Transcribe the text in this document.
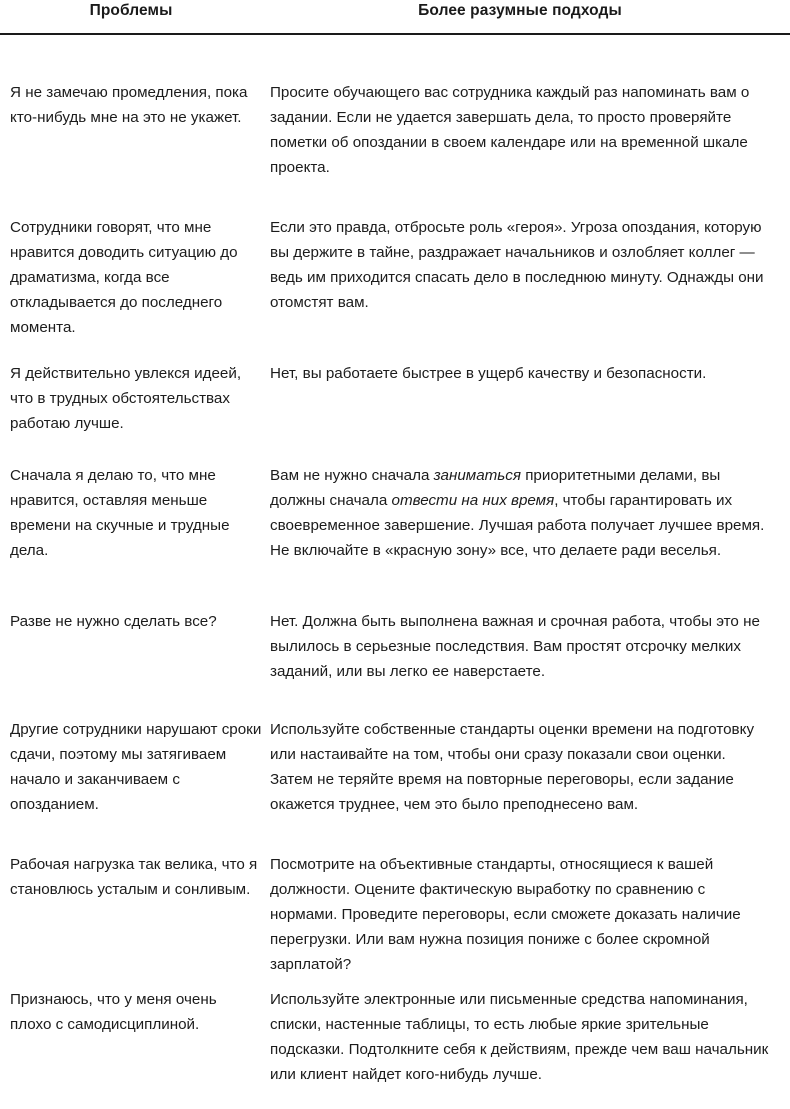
Проблемы	Более разумные подходы
Я не замечаю промедления, пока кто-нибудь мне на это не укажет.
Просите обучающего вас сотрудника каждый раз напоминать вам о задании. Если не удается завершать дела, то просто проверяйте пометки об опоздании в своем календаре или на временной шкале проекта.
Сотрудники говорят, что мне нравится доводить ситуацию до драматизма, когда все откладывается до последнего момента.
Если это правда, отбросьте роль «героя». Угроза опоздания, которую вы держите в тайне, раздражает начальников и озлобляет коллег — ведь им приходится спасать дело в последнюю минуту. Однажды они отомстят вам.
Я действительно увлекся идеей, что в трудных обстоятельствах работаю лучше.
Нет, вы работаете быстрее в ущерб качеству и безопасности.
Сначала я делаю то, что мне нравится, оставляя меньше времени на скучные и трудные дела.

Вам не нужно сначала заниматься приоритетными делами, вы должны сначала отвести на них время, чтобы гарантировать их своевременное завершение. Лучшая работа получает лучшее время. Не включайте в «красную зону» все, что делаете ради веселья.

Разве не нужно сделать все?	Нет. Должна быть выполнена важная и срочная работа, чтобы это не вылилось в серьезные последствия. Вам простят отсрочку мелких заданий, или вы легко ее наверстаете.
Другие сотрудники нарушают сроки сдачи, поэтому мы затягиваем начало и заканчиваем с опозданием.
Используйте собственные стандарты оценки времени на подготовку или настаивайте на том, чтобы они сразу показали свои оценки. Затем не теряйте время на повторные переговоры, если задание окажется труднее, чем это было преподнесено вам.
Рабочая нагрузка так велика, что я становлюсь усталым и сонливым.
Посмотрите на объективные стандарты, относящиеся к вашей должности. Оцените фактическую выработку по сравнению с нормами. Проведите переговоры, если сможете доказать наличие перегрузки. Или вам нужна позиция пониже с более скромной зарплатой?
Признаюсь, что у меня очень плохо с самодисциплиной.
Используйте электронные или письменные средства напоминания, списки, настенные таблицы, то есть любые яркие зрительные подсказки. Подтолкните себя к действиям, прежде чем ваш начальник или клиент найдет кого-нибудь лучше.
